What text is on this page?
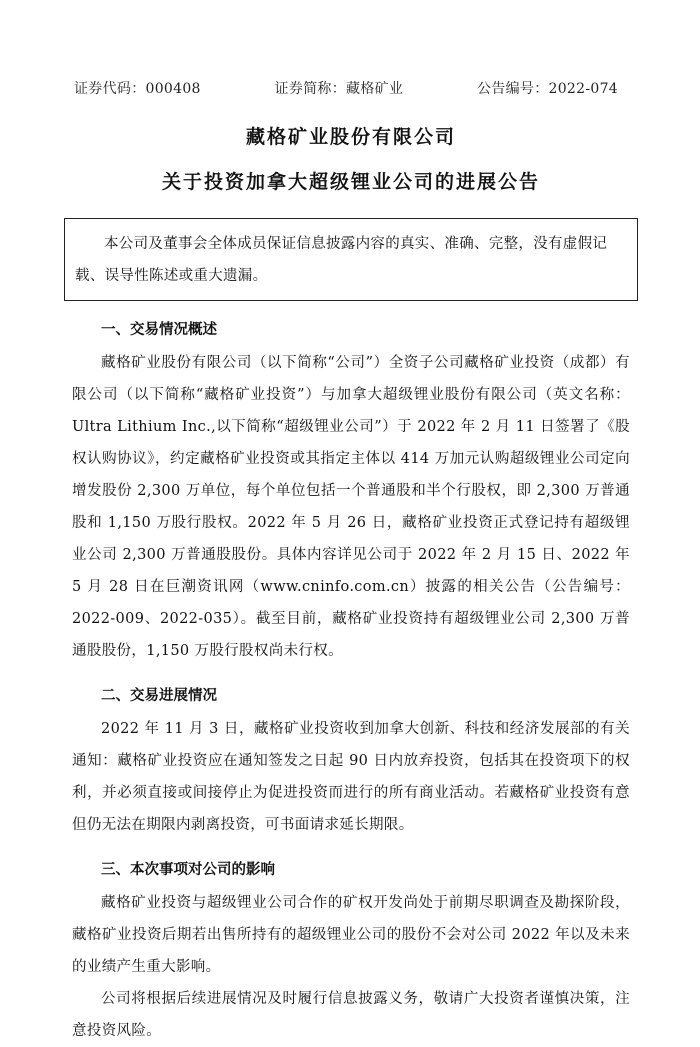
证券代码：000408	证券简称：藏格矿业	公告编号：2022-074
藏格矿业股份有限公司
关于投资加拿大超级锂业公司的进展公告
本公司及董事会全体成员保证信息披露内容的真实、准确、完整，没有虚假记载、误导性陈述或重大遗漏。
一、交易情况概述

藏格矿业股份有限公司（以下简称“公司”）全资子公司藏格矿业投资（成都）有限公司（以下简称“藏格矿业投资”）与加拿大超级锂业股份有限公司（英文名称：Ultra Lithium Inc.,以下简称“超级锂业公司”）于 2022 年 2 月 11 日签署了《股权认购协议》，约定藏格矿业投资或其指定主体以 414 万加元认购超级锂业公司定向增发股份 2,300 万单位，每个单位包括一个普通股和半个行股权，即 2,300 万普通股和 1,150 万股行股权。2022 年 5 月 26 日，藏格矿业投资正式登记持有超级锂业公司 2,300 万普通股股份。具体内容详见公司于 2022 年 2 月 15 日、2022 年 5 月 28 日在巨潮资讯网（www.cninfo.com.cn）披露的相关公告（公告编号：2022-009、2022-035）。截至目前，藏格矿业投资持有超级锂业公司 2,300 万普通股股份，1,150 万股行股权尚未行权。

二、交易进展情况

2022 年 11 月 3 日，藏格矿业投资收到加拿大创新、科技和经济发展部的有关通知：藏格矿业投资应在通知签发之日起 90 日内放弃投资，包括其在投资项下的权利，并必须直接或间接停止为促进投资而进行的所有商业活动。若藏格矿业投资有意但仍无法在期限内剥离投资，可书面请求延长期限。

三、本次事项对公司的影响

藏格矿业投资与超级锂业公司合作的矿权开发尚处于前期尽职调查及勘探阶段，藏格矿业投资后期若出售所持有的超级锂业公司的股份不会对公司 2022 年以及未来的业绩产生重大影响。

公司将根据后续进展情况及时履行信息披露义务，敬请广大投资者谨慎决策，注意投资风险。
